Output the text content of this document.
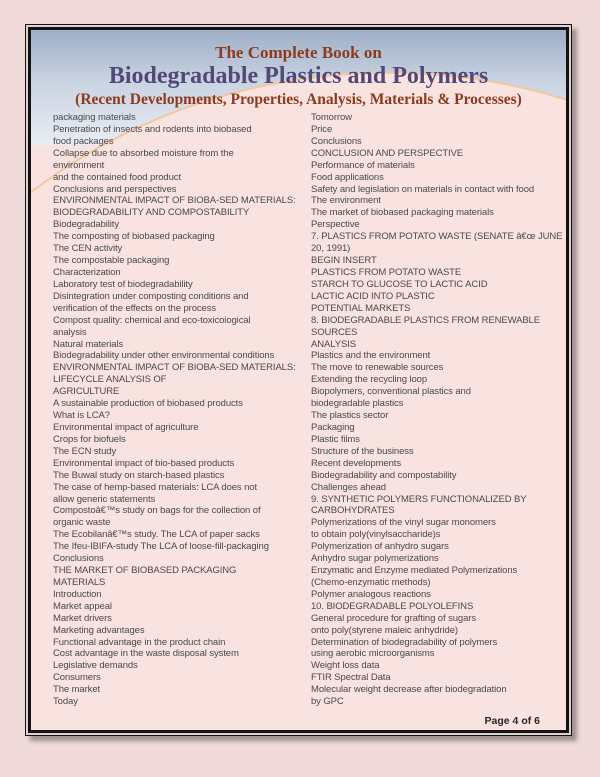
The Complete Book on
Biodegradable Plastics and Polymers
(Recent Developments, Properties, Analysis, Materials & Processes)
packaging materials
Penetration of insects and rodents into biobased
food packages
Collapse due to absorbed moisture from the
environment
and the contained food product
Conclusions and perspectives
ENVIRONMENTAL IMPACT OF BIOBA-SED MATERIALS:
BIODEGRADABILITY AND COMPOSTABILITY
Biodegradability
The composting of biobased packaging
The CEN activity
The compostable packaging
Characterization
Laboratory test of biodegradability
Disintegration under composting conditions and
verification of the effects on the process
Compost quality: chemical and eco-toxicoiogical
analysis
Natural materials
Biodegradability under other environmental conditions
ENVIRONMENTAL IMPACT OF BIOBA-SED MATERIALS:
LIFECYCLE ANALYSIS OF
AGRICULTURE
A sustainable production of biobased products
What is LCA?
Environmental impact of agriculture
Crops for biofuels
The ECN study
Environmental impact of bio-based products
The Buwal study on starch-based plastics
The case of hemp-based materials: LCA does not
allow generic statements
Compostoâ€™s study on bags for the collection of
organic waste
The Ecobilanâ€™s study. The LCA of paper sacks
The Ifeu-IBIFA-study The LCA of loose-fill-packaging
Conclusions
THE MARKET OF BIOBASED PACKAGING
MATERIALS
Introduction
Market appeal
Market drivers
Marketing advantages
Functional advantage in the product chain
Cost advantage in the waste disposal system
Legislative demands
Consumers
The market
Today
Tomorrow
Price
Conclusions
CONCLUSION AND PERSPECTIVE
Performance of materials
Food applications
Safety and legislation on materials in contact with food
The environment
The market of biobased packaging materials
Perspective
7. PLASTICS FROM POTATO WASTE (SENATE â€œ JUNE
20, 1991)
BEGIN INSERT
PLASTICS FROM POTATO WASTE
STARCH TO GLUCOSE TO LACTIC ACID
LACTIC ACID INTO PLASTIC
POTENTIAL MARKETS
8. BIODEGRADABLE PLASTICS FROM RENEWABLE
SOURCES
ANALYSIS
Plastics and the environment
The move to renewable sources
Extending the recycling loop
Biopolymers, conventional plastics and
biodegradable plastics
The plastics sector
Packaging
Plastic films
Structure of the business
Recent developments
Biodegradability and compostability
Challenges ahead
9. SYNTHETIC POLYMERS FUNCTIONALIZED BY
CARBOHYDRATES
Polymerizations of the vinyl sugar monomers
to obtain poly(vinylsaccharide)s
Polymerization of anhydro sugars
Anhydro sugar polymerizations
Enzymatic and Enzyme mediated Polymerizations
(Chemo-enzymatic methods)
Polymer analogous reactions
10. BIODEGRADABLE POLYOLEFINS
General procedure for grafting of sugars
onto poly(styrene maleic anhydride)
Determination of biodegradability of polymers
using aerobic microorganisms
Weight loss data
FTIR Spectral Data
Molecular weight decrease after biodegradation
by GPC
Page 4 of 6
